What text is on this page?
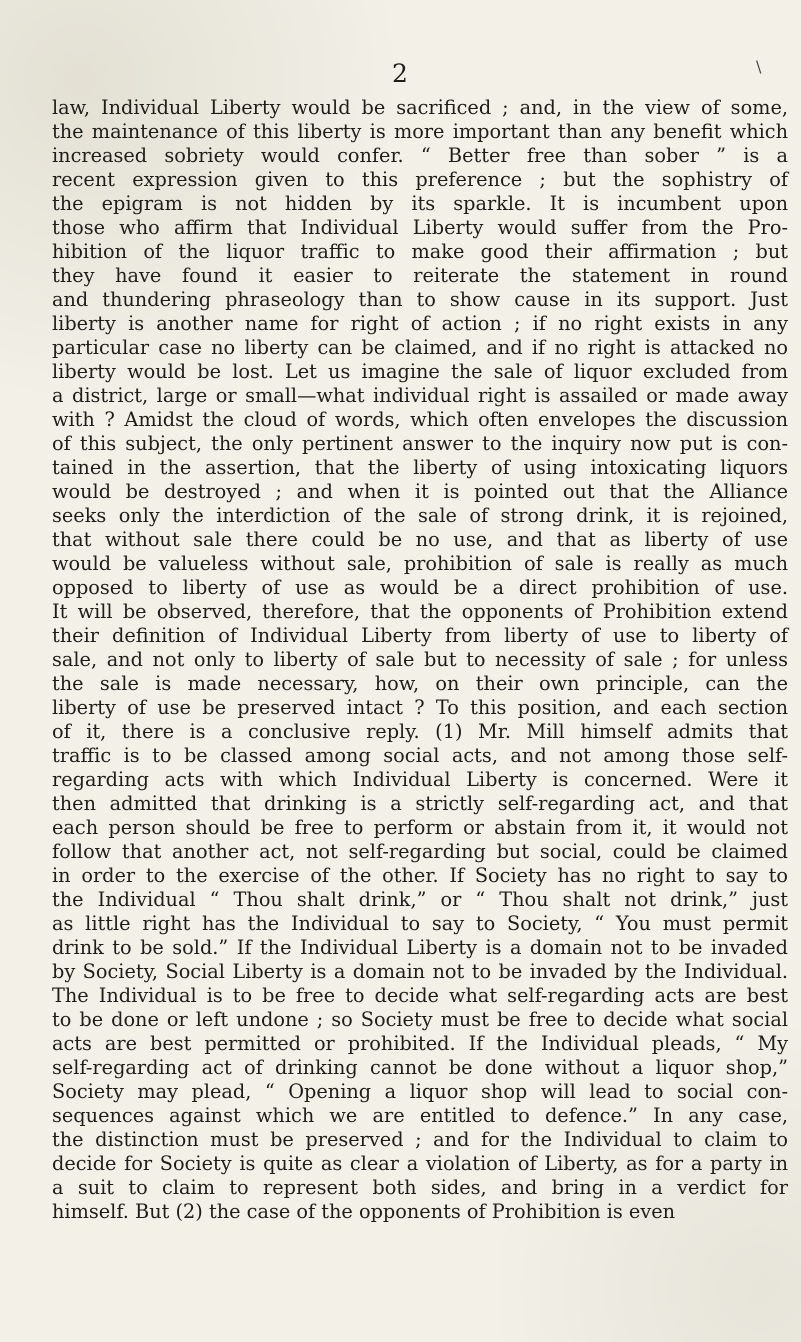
2	\
law, Individual Liberty would be sacrificed ; and, in the view of some,
the maintenance of this liberty is more important than any benefit which
increased sobriety would confer. “ Better free than sober ” is a
recent expression given to this preference ; but the sophistry of
the epigram is not hidden by its sparkle. It is incumbent upon
those who affirm that Individual Liberty would suffer from the Pro-
hibition of the liquor traffic to make good their affirmation ; but
they have found it easier to reiterate the statement in round
and thundering phraseology than to show cause in its support. Just
liberty is another name for right of action ; if no right exists in any
particular case no liberty can be claimed, and if no right is attacked no
liberty would be lost. Let us imagine the sale of liquor excluded from
a district, large or small—what individual right is assailed or made away
with ? Amidst the cloud of words, which often envelopes the discussion
of this subject, the only pertinent answer to the inquiry now put is con-
tained in the assertion, that the liberty of using intoxicating liquors
would be destroyed ; and when it is pointed out that the Alliance
seeks only the interdiction of the sale of strong drink, it is rejoined,
that without sale there could be no use, and that as liberty of use
would be valueless without sale, prohibition of sale is really as much
opposed to liberty of use as would be a direct prohibition of use.
It will be observed, therefore, that the opponents of Prohibition extend
their definition of Individual Liberty from liberty of use to liberty of
sale, and not only to liberty of sale but to necessity of sale ; for unless
the sale is made necessary, how, on their own principle, can the
liberty of use be preserved intact ? To this position, and each section
of it, there is a conclusive reply. (1) Mr. Mill himself admits that
traffic is to be classed among social acts, and not among those self-
regarding acts with which Individual Liberty is concerned. Were it
then admitted that drinking is a strictly self-regarding act, and that
each person should be free to perform or abstain from it, it would not
follow that another act, not self-regarding but social, could be claimed
in order to the exercise of the other. If Society has no right to say to
the Individual “ Thou shalt drink,” or “ Thou shalt not drink,” just
as little right has the Individual to say to Society, “ You must permit
drink to be sold.” If the Individual Liberty is a domain not to be invaded
by Society, Social Liberty is a domain not to be invaded by the Individual.
The Individual is to be free to decide what self-regarding acts are best
to be done or left undone ; so Society must be free to decide what social
acts are best permitted or prohibited. If the Individual pleads, “ My
self-regarding act of drinking cannot be done without a liquor shop,”
Society may plead, “ Opening a liquor shop will lead to social con-
sequences against which we are entitled to defence.” In any case,
the distinction must be preserved ; and for the Individual to claim to
decide for Society is quite as clear a violation of Liberty, as for a party in
a suit to claim to represent both sides, and bring in a verdict for
himself. But (2) the case of the opponents of Prohibition is even
